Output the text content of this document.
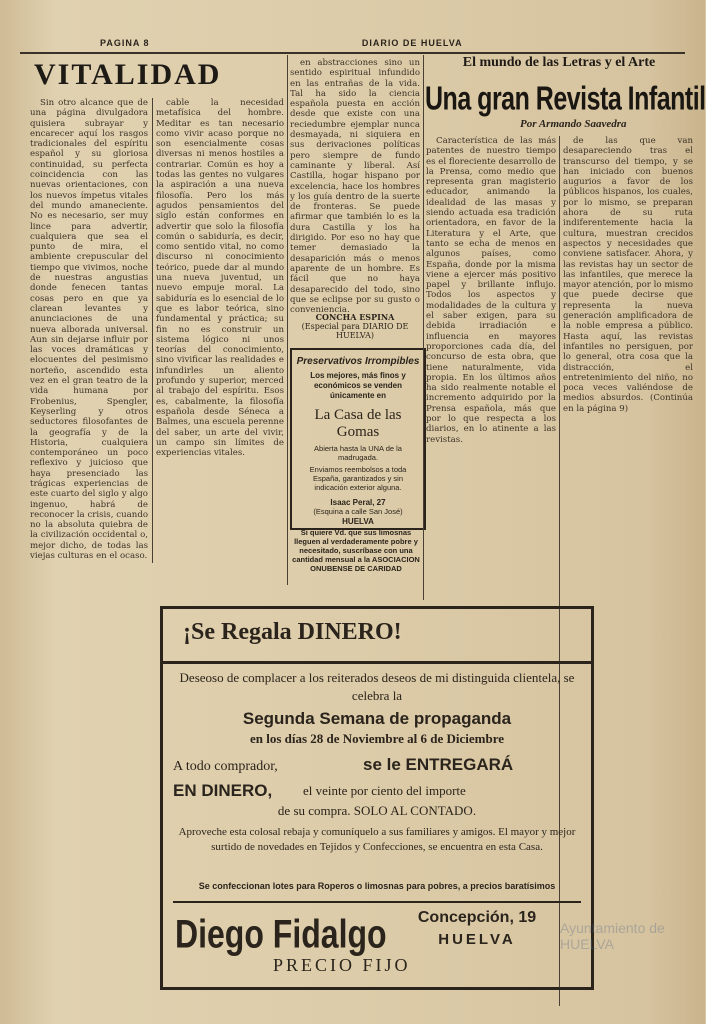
PAGINA 8	DIARIO DE HUELVA
VITALIDAD

Sin otro alcance que de una página divulgadora quisiera subrayar y encarecer aquí los rasgos tradicionales del espíritu español y su gloriosa continuidad, su perfecta coincidencia con las nuevas orientaciones, con los nuevos ímpetus vitales del mundo amaneciente. No es necesario, ser muy lince para advertir, cualquiera que sea el punto de mira, el ambiente crepuscular del tiempo que vivimos, noche de nuestras angustias donde fenecen tantas cosas pero en que ya clarean levantes y anunciaciones de una nueva alborada universal. Aun sin dejarse influir por las voces dramáticas y elocuentes del pesimismo norteño, ascendido esta vez en el gran teatro de la vida humana por Frobenius, Spengler, Keyserling y otros seductores filosofantes de la geografía y de la Historia, cualquiera contemporáneo un poco reflexivo y juicioso que haya presenciado las trágicas experiencias de este cuarto del siglo y algo ingenuo, habrá de reconocer la crisis, cuando no la absoluta quiebra de la civilización occidental o, mejor dicho, de todas las viejas culturas en el ocaso.

cable la necesidad metafísica del hombre. Meditar es tan necesario como vivir acaso porque no son esencialmente cosas diversas ni menos hostiles a contrariar. Común es hoy a todas las gentes no vulgares la aspiración a una nueva filosofía. Pero los más agudos pensamientos del siglo están conformes en advertir que solo la filosofía común o sabiduría, es decir, como sentido vital, no como discurso ni conocimiento teórico, puede dar al mundo una nueva juventud, un nuevo empuje moral. La sabiduría es lo esencial de lo que es labor teórica, sino fundamental y práctica; su fin no es construir un sistema lógico ni unos teorías del conocimiento, sino vivificar las realidades e infundirles un aliento profundo y superior, merced al trabajo del espíritu. Esos es, cabalmente, la filosofía española desde Séneca a Balmes, una escuela perenne del saber, un arte del vivir, un campo sin límites de experiencias vitales.

en abstracciones sino un sentido espiritual infundido en las entrañas de la vida. Tal ha sido la ciencia española puesta en acción desde que existe con una reciedumbre ejemplar nunca desmayada, ni siquiera en sus derivaciones políticas pero siempre de fundo caminante y liberal. Así Castilla, hogar hispano por excelencia, hace los hombres y los guía dentro de la suerte de fronteras. Se puede afirmar que también lo es la dura Castilla y los ha dirigido. Por eso no hay que temer demasiado la desaparición más o menos aparente de un hombre. Es fácil que no haya desaparecido del todo, sino que se eclipse por su gusto o conveniencia.

CONCHA ESPINA
(Especial para DIARIO DE HUELVA)
Preservativos Irrompibles
Los mejores, más finos y económicos se venden únicamente en
La Casa de las Gomas
Abierta hasta la UNA de la madrugada.
Enviamos reembolsos a toda España, garantizados y sin indicación exterior alguna.
Isaac Peral, 27
(Esquina a calle San José)
HUELVA
Si quiere Vd. que sus limosnas lleguen al verdaderamente pobre y necesitado, suscríbase con una cantidad mensual a la ASOCIACION ONUBENSE DE CARIDAD
El mundo de las Letras y el Arte
Una gran Revista Infantil
Por Armando Saavedra

Característica de las más patentes de nuestro tiempo es el floreciente desarrollo de la Prensa, como medio que representa gran magisterio educador, animando la idealidad de las masas y siendo actuada esa tradición orientadora, en favor de la Literatura y el Arte, que tanto se echa de menos en algunos países, como España, donde por la misma viene a ejercer más positivo papel y brillante influjo. Todos los aspectos y modalidades de la cultura y el saber exigen, para su debida irradiación e influencia en mayores proporciones cada día, del concurso de esta obra, que tiene naturalmente, vida propia. En los últimos años ha sido realmente notable el incremento adquirido por la Prensa española, más que por lo que respecta a los diarios, en lo atinente a las revistas.

de las que van desapareciendo tras el transcurso del tiempo, y se han iniciado con buenos augurios a favor de los públicos hispanos, los cuales, por lo mismo, se preparan ahora de su ruta indiferentemente hacia la cultura, muestran crecidos aspectos y necesidades que conviene satisfacer. Ahora, y las revistas hay un sector de las infantiles, que merece la mayor atención, por lo mismo que puede decirse que representa la nueva generación amplificadora de la noble empresa a público. Hasta aquí, las revistas infantiles no persiguen, por lo general, otra cosa que la distracción, el entretenimiento del niño, no poca veces valiéndose de medios absurdos. (Continúa en la página 9)

¡Se Regala DINERO!
Deseoso de complacer a los reiterados deseos de mi distinguida clientela, se celebra la
Segunda Semana de propaganda
en los días 28 de Noviembre al 6 de Diciembre
A todo comprador,	se le ENTREGARÁ
EN DINERO,	el veinte por ciento del importe
de su compra. SOLO AL CONTADO.
Aproveche esta colosal rebaja y comuníquelo a sus familiares y amigos. El mayor y mejor surtido de novedades en Tejidos y Confecciones, se encuentra en esta Casa.
Se confeccionan lotes para Roperos o limosnas para pobres, a precios baratísimos
Diego Fidalgo	Concepción, 19
HUELVA
PRECIO FIJO
Ayuntamiento de HUELVA
